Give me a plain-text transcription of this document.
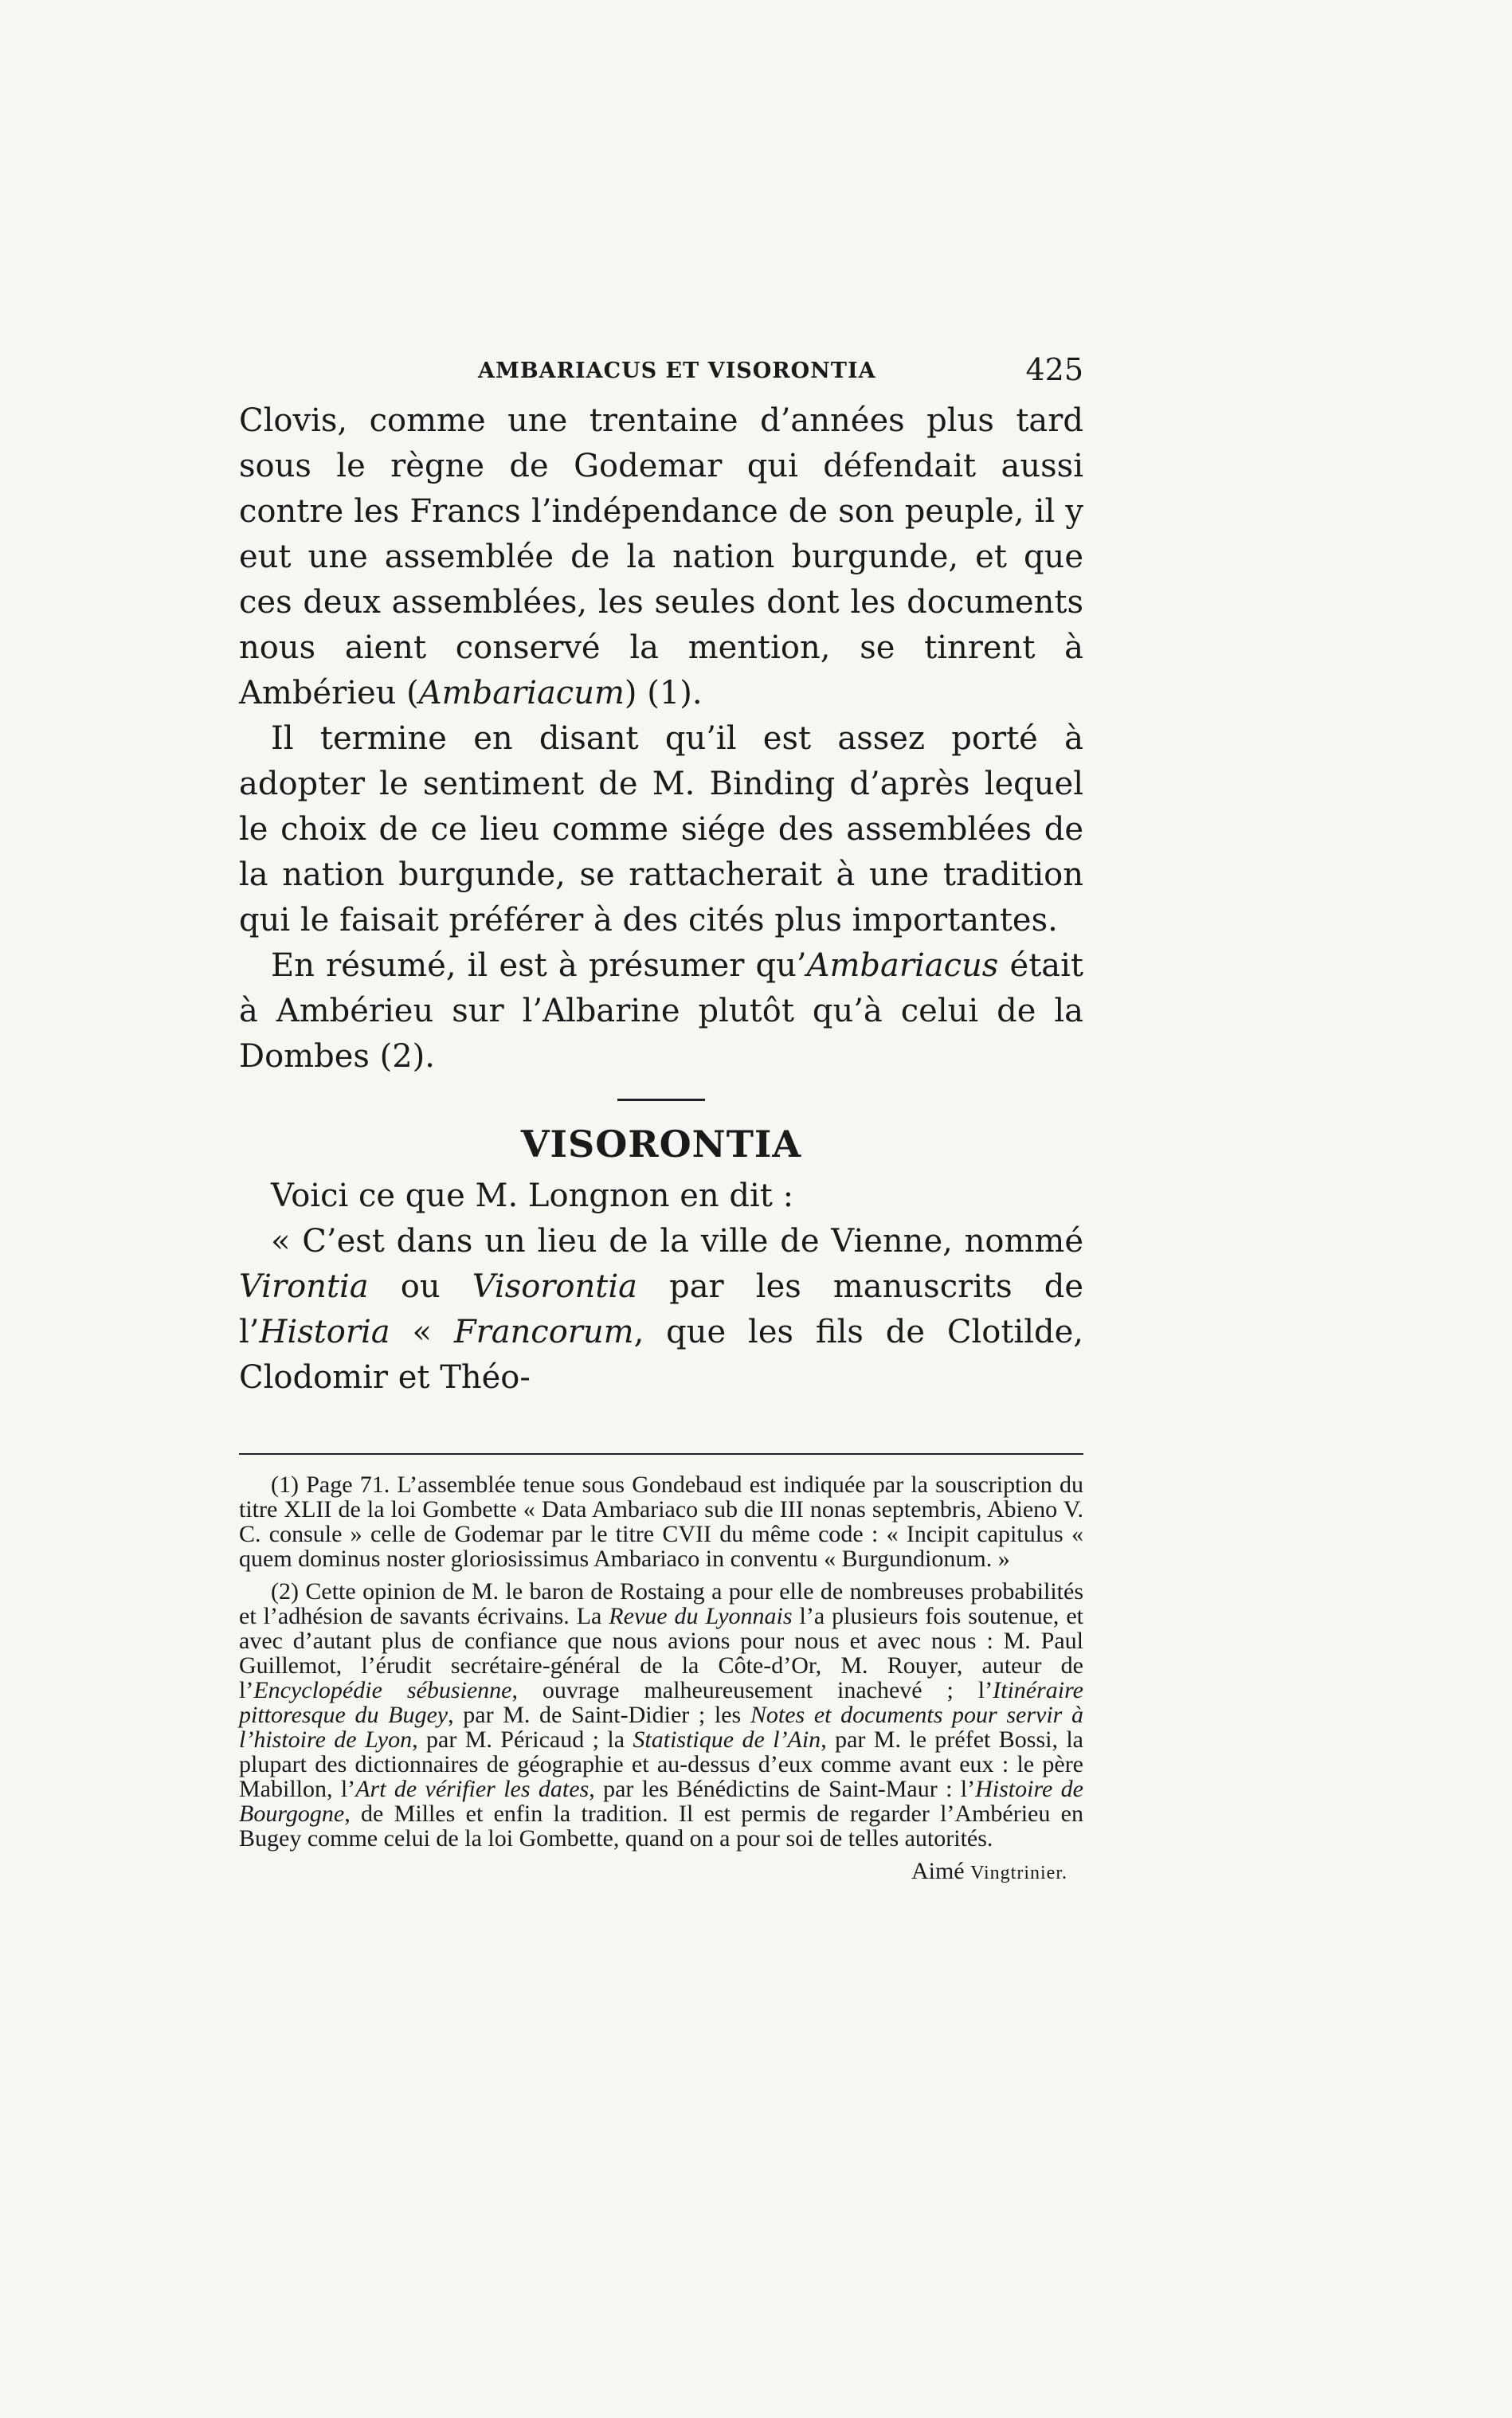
AMBARIACUS ET VISORONTIA	425

Clovis, comme une trentaine d’années plus tard sous le règne de Godemar qui défendait aussi contre les Francs l’indépendance de son peuple, il y eut une assemblée de la nation burgunde, et que ces deux assemblées, les seules dont les documents nous aient conservé la mention, se tinrent à Ambérieu (Ambariacum) (1).

Il termine en disant qu’il est assez porté à adopter le sentiment de M. Binding d’après lequel le choix de ce lieu comme siége des assemblées de la nation burgunde, se rattacherait à une tradition qui le faisait préférer à des cités plus importantes.

En résumé, il est à présumer qu’Ambariacus était à Ambérieu sur l’Albarine plutôt qu’à celui de la Dombes (2).

VISORONTIA

Voici ce que M. Longnon en dit :

« C’est dans un lieu de la ville de Vienne, nommé Virontia ou Visorontia par les manuscrits de l’Historia « Francorum, que les fils de Clotilde, Clodomir et Théo-

(1) Page 71. L’assemblée tenue sous Gondebaud est indiquée par la souscription du titre XLII de la loi Gombette « Data Ambariaco sub die III nonas septembris, Abieno V. C. consule » celle de Godemar par le titre CVII du même code : « Incipit capitulus « quem dominus noster gloriosissimus Ambariaco in conventu « Burgundionum. »

(2) Cette opinion de M. le baron de Rostaing a pour elle de nombreuses probabilités et l’adhésion de savants écrivains. La Revue du Lyonnais l’a plusieurs fois soutenue, et avec d’autant plus de confiance que nous avions pour nous et avec nous : M. Paul Guillemot, l’érudit secrétaire-général de la Côte-d’Or, M. Rouyer, auteur de l’Encyclopédie sébusienne, ouvrage malheureusement inachevé ; l’Itinéraire pittoresque du Bugey, par M. de Saint-Didier ; les Notes et documents pour servir à l’histoire de Lyon, par M. Péricaud ; la Statistique de l’Ain, par M. le préfet Bossi, la plupart des dictionnaires de géographie et au-dessus d’eux comme avant eux : le père Mabillon, l’Art de vérifier les dates, par les Bénédictins de Saint-Maur : l’Histoire de Bourgogne, de Milles et enfin la tradition. Il est permis de regarder l’Ambérieu en Bugey comme celui de la loi Gombette, quand on a pour soi de telles autorités.

Aimé Vingtrinier.
